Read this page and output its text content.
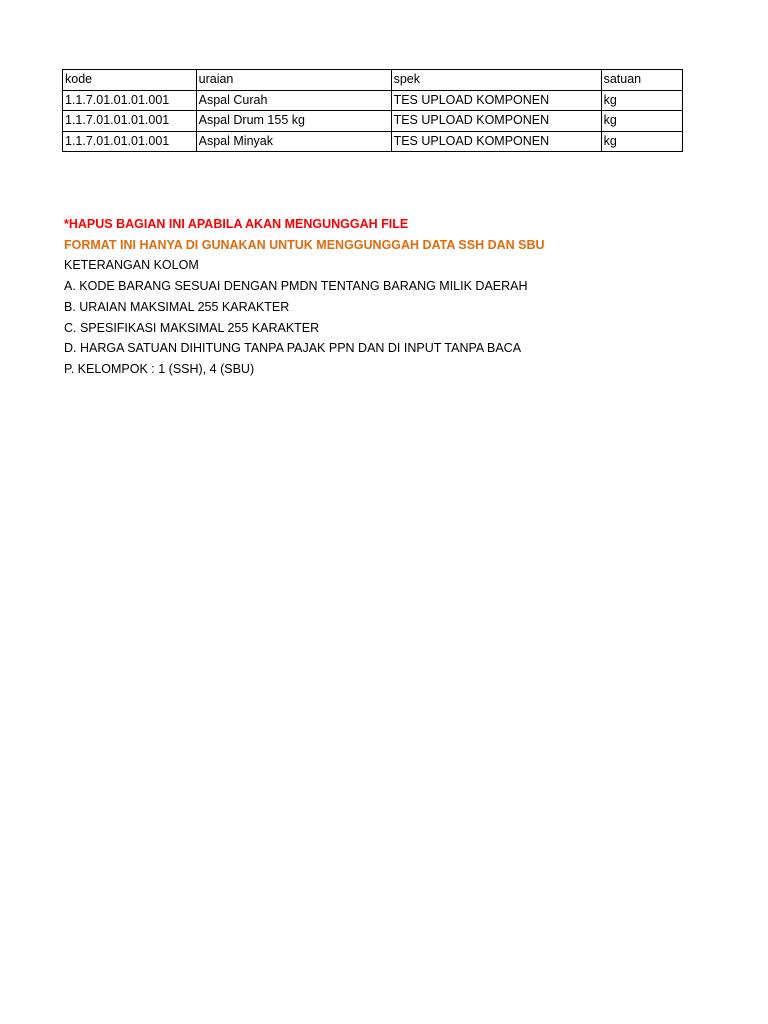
kode	uraian	spek	satuan
1.1.7.01.01.01.001	Aspal Curah	TES UPLOAD KOMPONEN	kg
1.1.7.01.01.01.001	Aspal Drum 155 kg	TES UPLOAD KOMPONEN	kg
1.1.7.01.01.01.001	Aspal Minyak	TES UPLOAD KOMPONEN	kg
*HAPUS BAGIAN INI APABILA AKAN MENGUNGGAH FILE
FORMAT INI HANYA DI GUNAKAN UNTUK MENGGUNGGAH DATA SSH DAN SBU
KETERANGAN KOLOM
A. KODE BARANG SESUAI DENGAN PMDN TENTANG BARANG MILIK DAERAH
B. URAIAN MAKSIMAL 255 KARAKTER
C. SPESIFIKASI MAKSIMAL 255 KARAKTER
D. HARGA SATUAN DIHITUNG TANPA PAJAK PPN DAN DI INPUT TANPA BACA
P. KELOMPOK : 1 (SSH), 4 (SBU)
